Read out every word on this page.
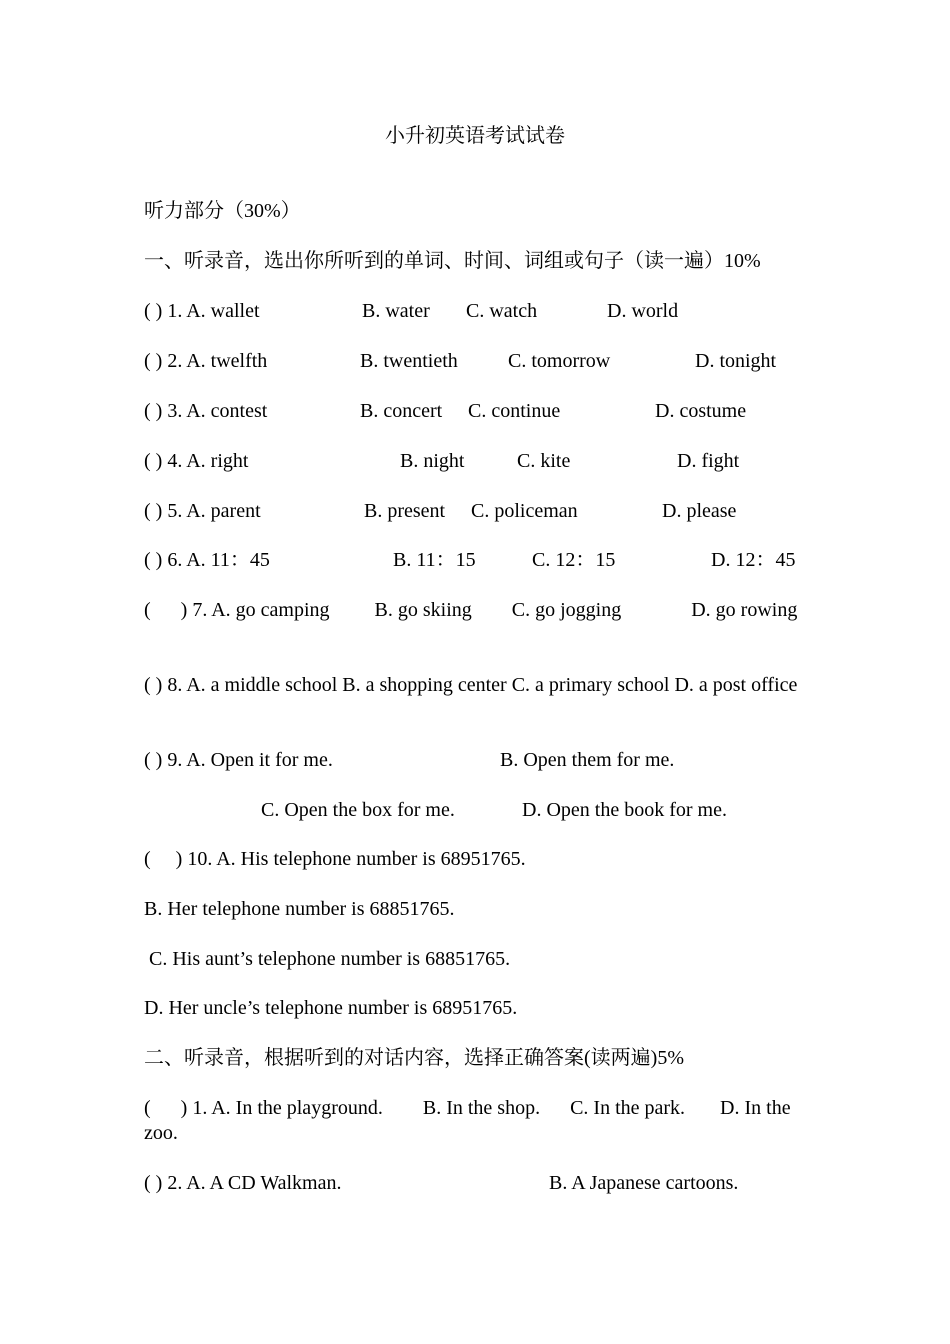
小升初英语考试试卷
听力部分（30%）
一、听录音，选出你所听到的单词、时间、词组或句子（读一遍）10%
( ) 1. A. wallet	B. water C. watch	D. world
( ) 2. A. twelfth	B. twentieth	C. tomorrow	D. tonight
( ) 3. A. contest	B. concert C. continue	D. costume
( ) 4. A. right	B. night	C. kite	D. fight
( ) 5. A. parent	B. present C. policeman	D. please
( ) 6. A. 11：45	B. 11：15	C. 12：15	D. 12：45
(      ) 7. A. go camping         B. go skiing        C. go jogging              D. go rowing
( ) 8. A. a middle school B. a shopping center C. a primary school D. a post office
( ) 9. A. Open it for me.	B. Open them for me.
C. Open the box for me.	D. Open the book for me.
(     ) 10. A. His telephone number is 68951765.
B. Her telephone number is 68851765.
C. His aunt’s telephone number is 68851765.
D. Her uncle’s telephone number is 68951765.
二、听录音，根据听到的对话内容，选择正确答案(读两遍)5%
(      ) 1. A. In the playground.        B. In the shop.      C. In the park.       D. In the zoo.
( ) 2. A. A CD Walkman.	B. A Japanese cartoons.
